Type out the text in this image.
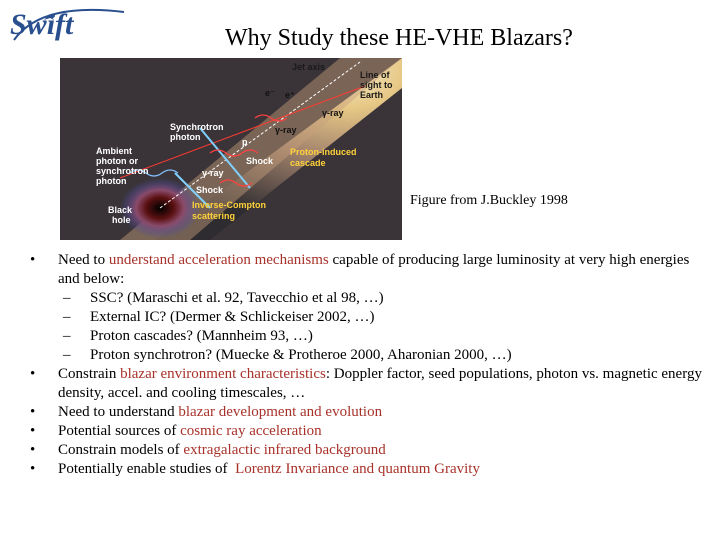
Swift	Why Study these HE-VHE Blazars?
Jet axis
Line of
sight to
Earth
e⁻ e⁺
γ-ray
γ-ray
γ-ray
p
Synchrotron
photon
Ambient
photon or
synchrotron
photon
Shock
Shock
Proton-induced
cascade
Black
hole
Inverse-Compton
scattering
Figure from J.Buckley 1998
•	Need to understand acceleration mechanisms capable of producing large luminosity at very high energies and below:
– SSC? (Maraschi et al. 92, Tavecchio et al 98, …)
– External IC? (Dermer & Schlickeiser 2002, …)
– Proton cascades? (Mannheim 93, …)
– Proton synchrotron? (Muecke & Protheroe 2000, Aharonian 2000, …)
•	Constrain blazar environment characteristics: Doppler factor, seed populations, photon vs. magnetic energy density, accel. and cooling timescales, …
•	Need to understand blazar development and evolution
•	Potential sources of cosmic ray acceleration
•	Constrain models of extragalactic infrared background
•	Potentially enable studies of  Lorentz Invariance and quantum Gravity
